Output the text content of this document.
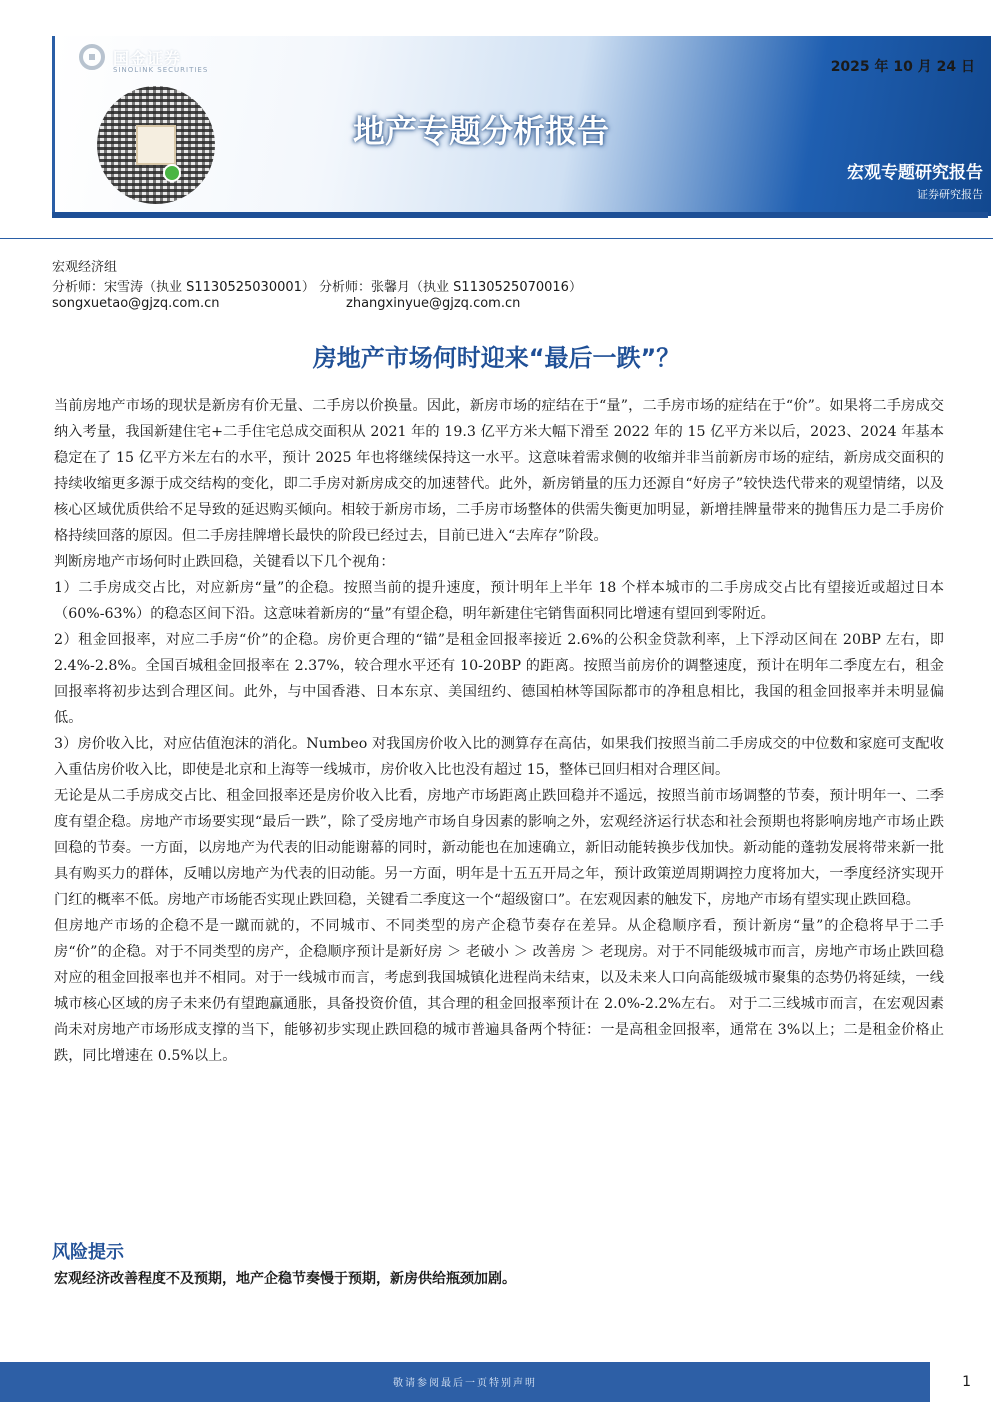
国金证券
SINOLINK SECURITIES	2025 年 10 月 24 日
地产专题分析报告
宏观专题研究报告
证券研究报告
宏观经济组
分析师：宋雪涛（执业 S1130525030001） 分析师：张馨月（执业 S1130525070016）
songxuetao@gjzq.com.cn	zhangxinyue@gjzq.com.cn
房地产市场何时迎来“最后一跌”？

当前房地产市场的现状是新房有价无量、二手房以价换量。因此，新房市场的症结在于“量”，二手房市场的症结在于“价”。如果将二手房成交纳入考量，我国新建住宅+二手住宅总成交面积从 2021 年的 19.3 亿平方米大幅下滑至 2022 年的 15 亿平方米以后，2023、2024 年基本稳定在了 15 亿平方米左右的水平，预计 2025 年也将继续保持这一水平。这意味着需求侧的收缩并非当前新房市场的症结，新房成交面积的持续收缩更多源于成交结构的变化，即二手房对新房成交的加速替代。此外，新房销量的压力还源自“好房子”较快迭代带来的观望情绪，以及核心区域优质供给不足导致的延迟购买倾向。相较于新房市场，二手房市场整体的供需失衡更加明显，新增挂牌量带来的抛售压力是二手房价格持续回落的原因。但二手房挂牌增长最快的阶段已经过去，目前已进入“去库存”阶段。

判断房地产市场何时止跌回稳，关键看以下几个视角：

1）二手房成交占比，对应新房“量”的企稳。按照当前的提升速度，预计明年上半年 18 个样本城市的二手房成交占比有望接近或超过日本（60%-63%）的稳态区间下沿。这意味着新房的“量”有望企稳，明年新建住宅销售面积同比增速有望回到零附近。

2）租金回报率，对应二手房“价”的企稳。房价更合理的“锚”是租金回报率接近 2.6%的公积金贷款利率，上下浮动区间在 20BP 左右，即 2.4%-2.8%。全国百城租金回报率在 2.37%，较合理水平还有 10-20BP 的距离。按照当前房价的调整速度，预计在明年二季度左右，租金回报率将初步达到合理区间。此外，与中国香港、日本东京、美国纽约、德国柏林等国际都市的净租息相比，我国的租金回报率并未明显偏低。

3）房价收入比，对应估值泡沫的消化。Numbeo 对我国房价收入比的测算存在高估，如果我们按照当前二手房成交的中位数和家庭可支配收入重估房价收入比，即使是北京和上海等一线城市，房价收入比也没有超过 15，整体已回归相对合理区间。

无论是从二手房成交占比、租金回报率还是房价收入比看，房地产市场距离止跌回稳并不遥远，按照当前市场调整的节奏，预计明年一、二季度有望企稳。房地产市场要实现“最后一跌”，除了受房地产市场自身因素的影响之外，宏观经济运行状态和社会预期也将影响房地产市场止跌回稳的节奏。一方面，以房地产为代表的旧动能谢幕的同时，新动能也在加速确立，新旧动能转换步伐加快。新动能的蓬勃发展将带来新一批具有购买力的群体，反哺以房地产为代表的旧动能。另一方面，明年是十五五开局之年，预计政策逆周期调控力度将加大，一季度经济实现开门红的概率不低。房地产市场能否实现止跌回稳，关键看二季度这一个“超级窗口”。在宏观因素的触发下，房地产市场有望实现止跌回稳。

但房地产市场的企稳不是一蹴而就的，不同城市、不同类型的房产企稳节奏存在差异。从企稳顺序看，预计新房“量”的企稳将早于二手房“价”的企稳。对于不同类型的房产，企稳顺序预计是新好房 ＞ 老破小 ＞ 改善房 ＞ 老现房。对于不同能级城市而言，房地产市场止跌回稳对应的租金回报率也并不相同。对于一线城市而言，考虑到我国城镇化进程尚未结束，以及未来人口向高能级城市聚集的态势仍将延续，一线城市核心区域的房子未来仍有望跑赢通胀，具备投资价值，其合理的租金回报率预计在 2.0%-2.2%左右。 对于二三线城市而言，在宏观因素尚未对房地产市场形成支撑的当下，能够初步实现止跌回稳的城市普遍具备两个特征：一是高租金回报率，通常在 3%以上；二是租金价格止跌，同比增速在 0.5%以上。

风险提示
宏观经济改善程度不及预期，地产企稳节奏慢于预期，新房供给瓶颈加剧。
敬请参阅最后一页特别声明	1
